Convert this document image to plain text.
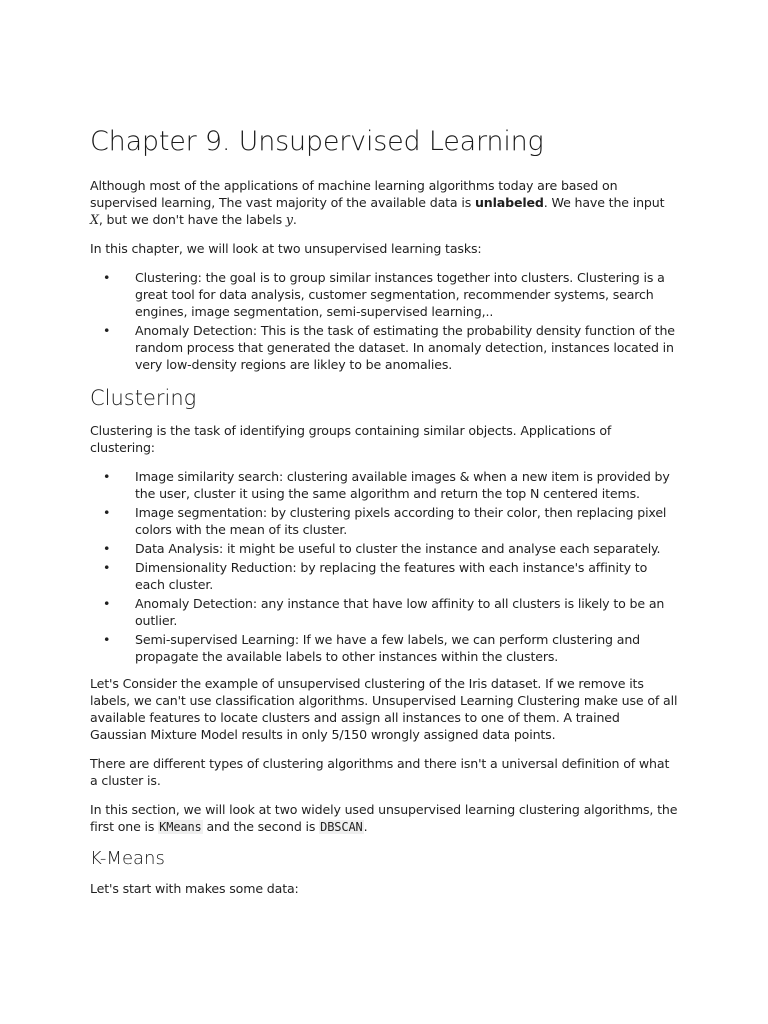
Chapter 9. Unsupervised Learning

Although most of the applications of machine learning algorithms today are based on supervised learning, The vast majority of the available data is unlabeled. We have the input X, but we don't have the labels y.

In this chapter, we will look at two unsupervised learning tasks:

• Clustering: the goal is to group similar instances together into clusters. Clustering is a great tool for data analysis, customer segmentation, recommender systems, search engines, image segmentation, semi-supervised learning,..
• Anomaly Detection: This is the task of estimating the probability density function of the random process that generated the dataset. In anomaly detection, instances located in very low-density regions are likley to be anomalies.
Clustering

Clustering is the task of identifying groups containing similar objects. Applications of clustering:

• Image similarity search: clustering available images & when a new item is provided by the user, cluster it using the same algorithm and return the top N centered items.
• Image segmentation: by clustering pixels according to their color, then replacing pixel colors with the mean of its cluster.
• Data Analysis: it might be useful to cluster the instance and analyse each separately.
• Dimensionality Reduction: by replacing the features with each instance's affinity to each cluster.
• Anomaly Detection: any instance that have low affinity to all clusters is likely to be an outlier.
• Semi-supervised Learning: If we have a few labels, we can perform clustering and propagate the available labels to other instances within the clusters.

Let's Consider the example of unsupervised clustering of the Iris dataset. If we remove its labels, we can't use classification algorithms. Unsupervised Learning Clustering make use of all available features to locate clusters and assign all instances to one of them. A trained Gaussian Mixture Model results in only 5/150 wrongly assigned data points.

There are different types of clustering algorithms and there isn't a universal definition of what a cluster is.

In this section, we will look at two widely used unsupervised learning clustering algorithms, the first one is KMeans and the second is DBSCAN.

K-Means

Let's start with makes some data:
